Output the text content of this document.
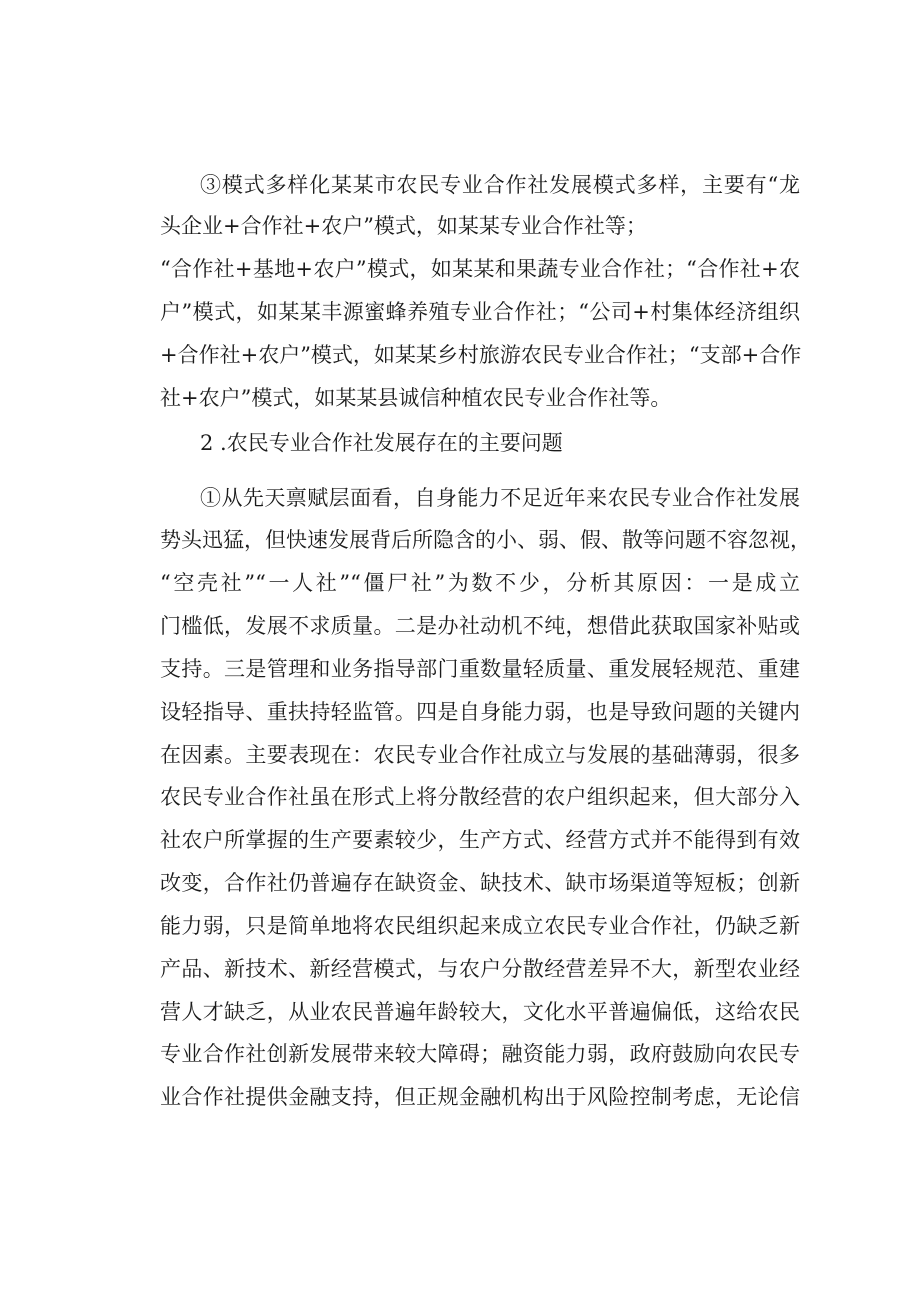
③模式多样化某某市农民专业合作社发展模式多样，主要有“龙
头企业+合作社+农户”模式，如某某专业合作社等；
“合作社+基地+农户”模式，如某某和果蔬专业合作社；“合作社+农
户”模式，如某某丰源蜜蜂养殖专业合作社；“公司+村集体经济组织
+合作社+农户”模式，如某某乡村旅游农民专业合作社；“支部+合作
社+农户”模式，如某某县诚信种植农民专业合作社等。
2 .农民专业合作社发展存在的主要问题
①从先天禀赋层面看，自身能力不足近年来农民专业合作社发展
势头迅猛，但快速发展背后所隐含的小、弱、假、散等问题不容忽视，
“空壳社”“一人社”“僵尸社”为数不少，分析其原因：一是成立
门槛低，发展不求质量。二是办社动机不纯，想借此获取国家补贴或
支持。三是管理和业务指导部门重数量轻质量、重发展轻规范、重建
设轻指导、重扶持轻监管。四是自身能力弱，也是导致问题的关键内
在因素。主要表现在：农民专业合作社成立与发展的基础薄弱，很多
农民专业合作社虽在形式上将分散经营的农户组织起来，但大部分入
社农户所掌握的生产要素较少，生产方式、经营方式并不能得到有效
改变，合作社仍普遍存在缺资金、缺技术、缺市场渠道等短板；创新
能力弱，只是简单地将农民组织起来成立农民专业合作社，仍缺乏新
产品、新技术、新经营模式，与农户分散经营差异不大，新型农业经
营人才缺乏，从业农民普遍年龄较大，文化水平普遍偏低，这给农民
专业合作社创新发展带来较大障碍；融资能力弱，政府鼓励向农民专
业合作社提供金融支持，但正规金融机构出于风险控制考虑，无论信
